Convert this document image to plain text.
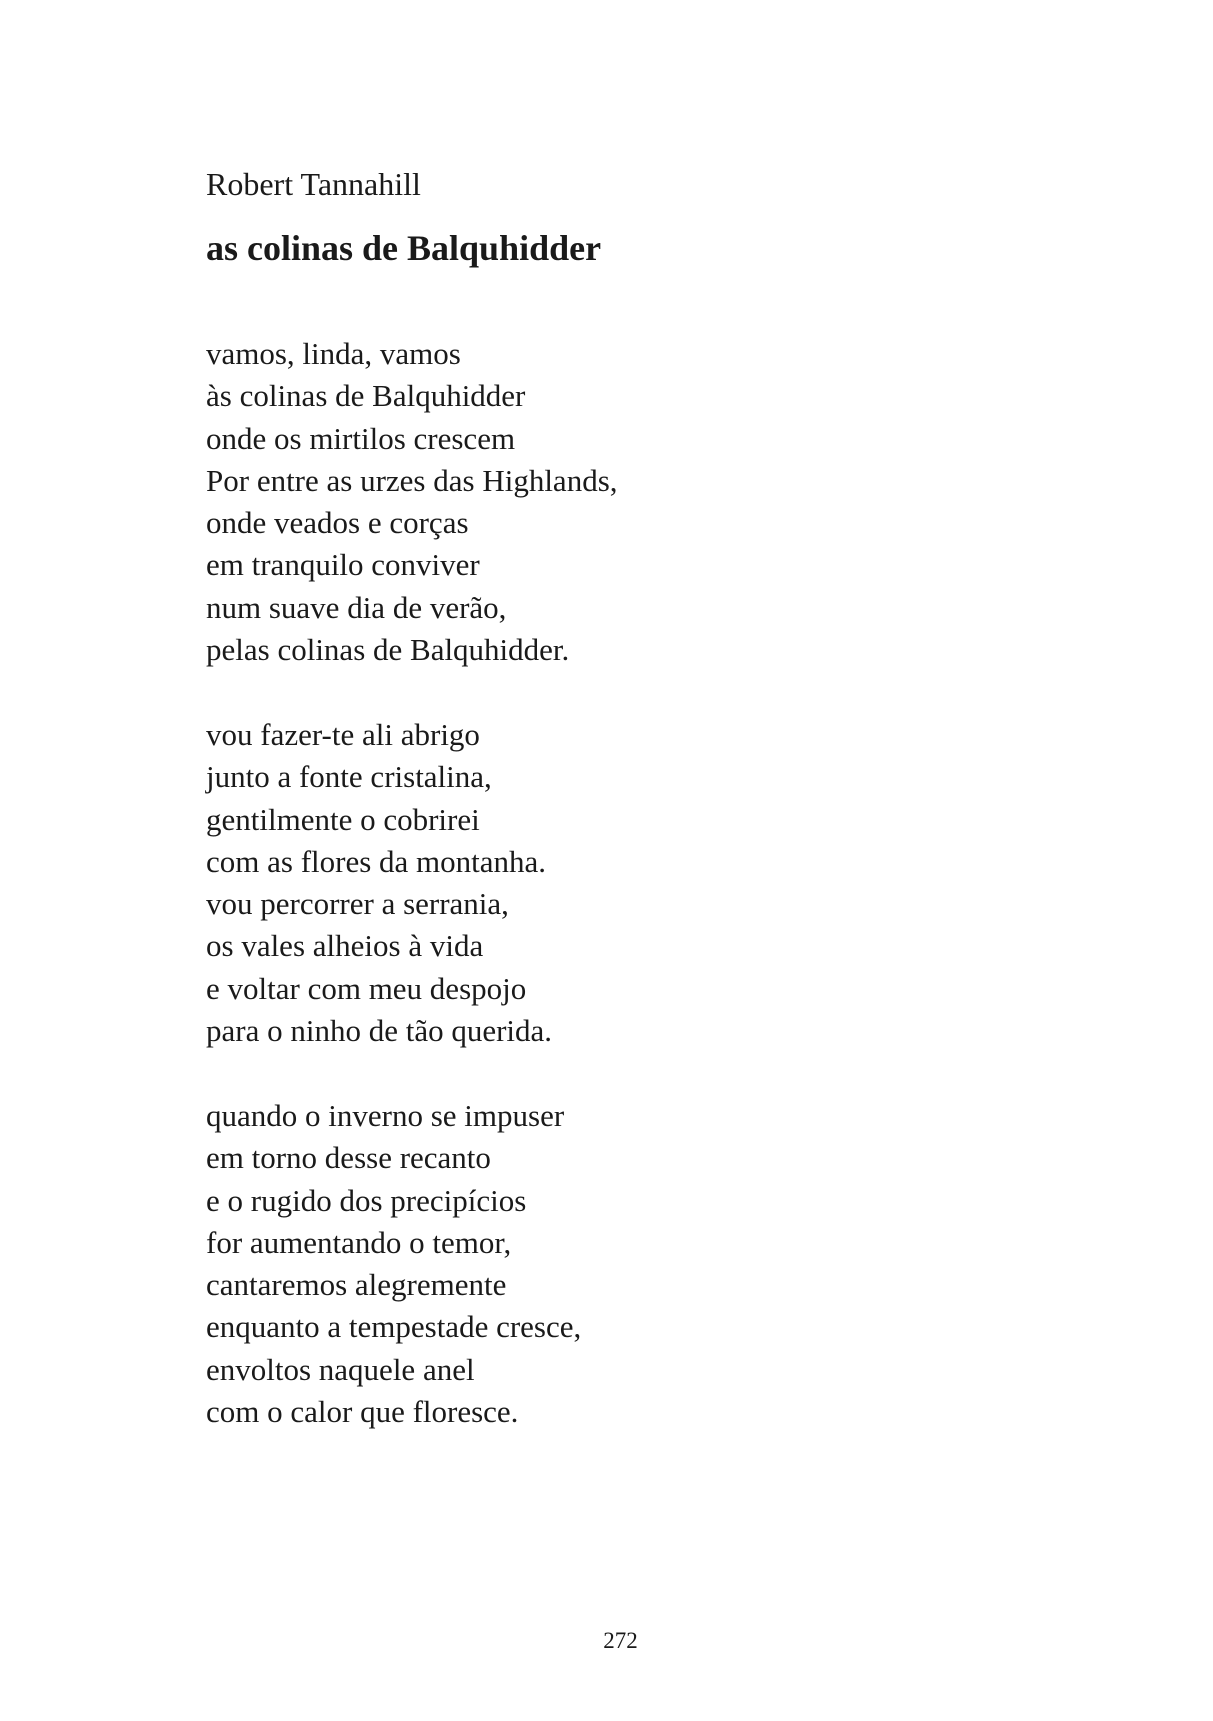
Robert Tannahill

as colinas de Balquhidder
vamos, linda, vamos
às colinas de Balquhidder
onde os mirtilos crescem
Por entre as urzes das Highlands,
onde veados e corças
em tranquilo conviver
num suave dia de verão,
pelas colinas de Balquhidder.
vou fazer-te ali abrigo
junto a fonte cristalina,
gentilmente o cobrirei
com as flores da montanha.
vou percorrer a serrania,
os vales alheios à vida
e voltar com meu despojo
para o ninho de tão querida.
quando o inverno se impuser
em torno desse recanto
e o rugido dos precipícios
for aumentando o temor,
cantaremos alegremente
enquanto a tempestade cresce,
envoltos naquele anel
com o calor que floresce.

272
